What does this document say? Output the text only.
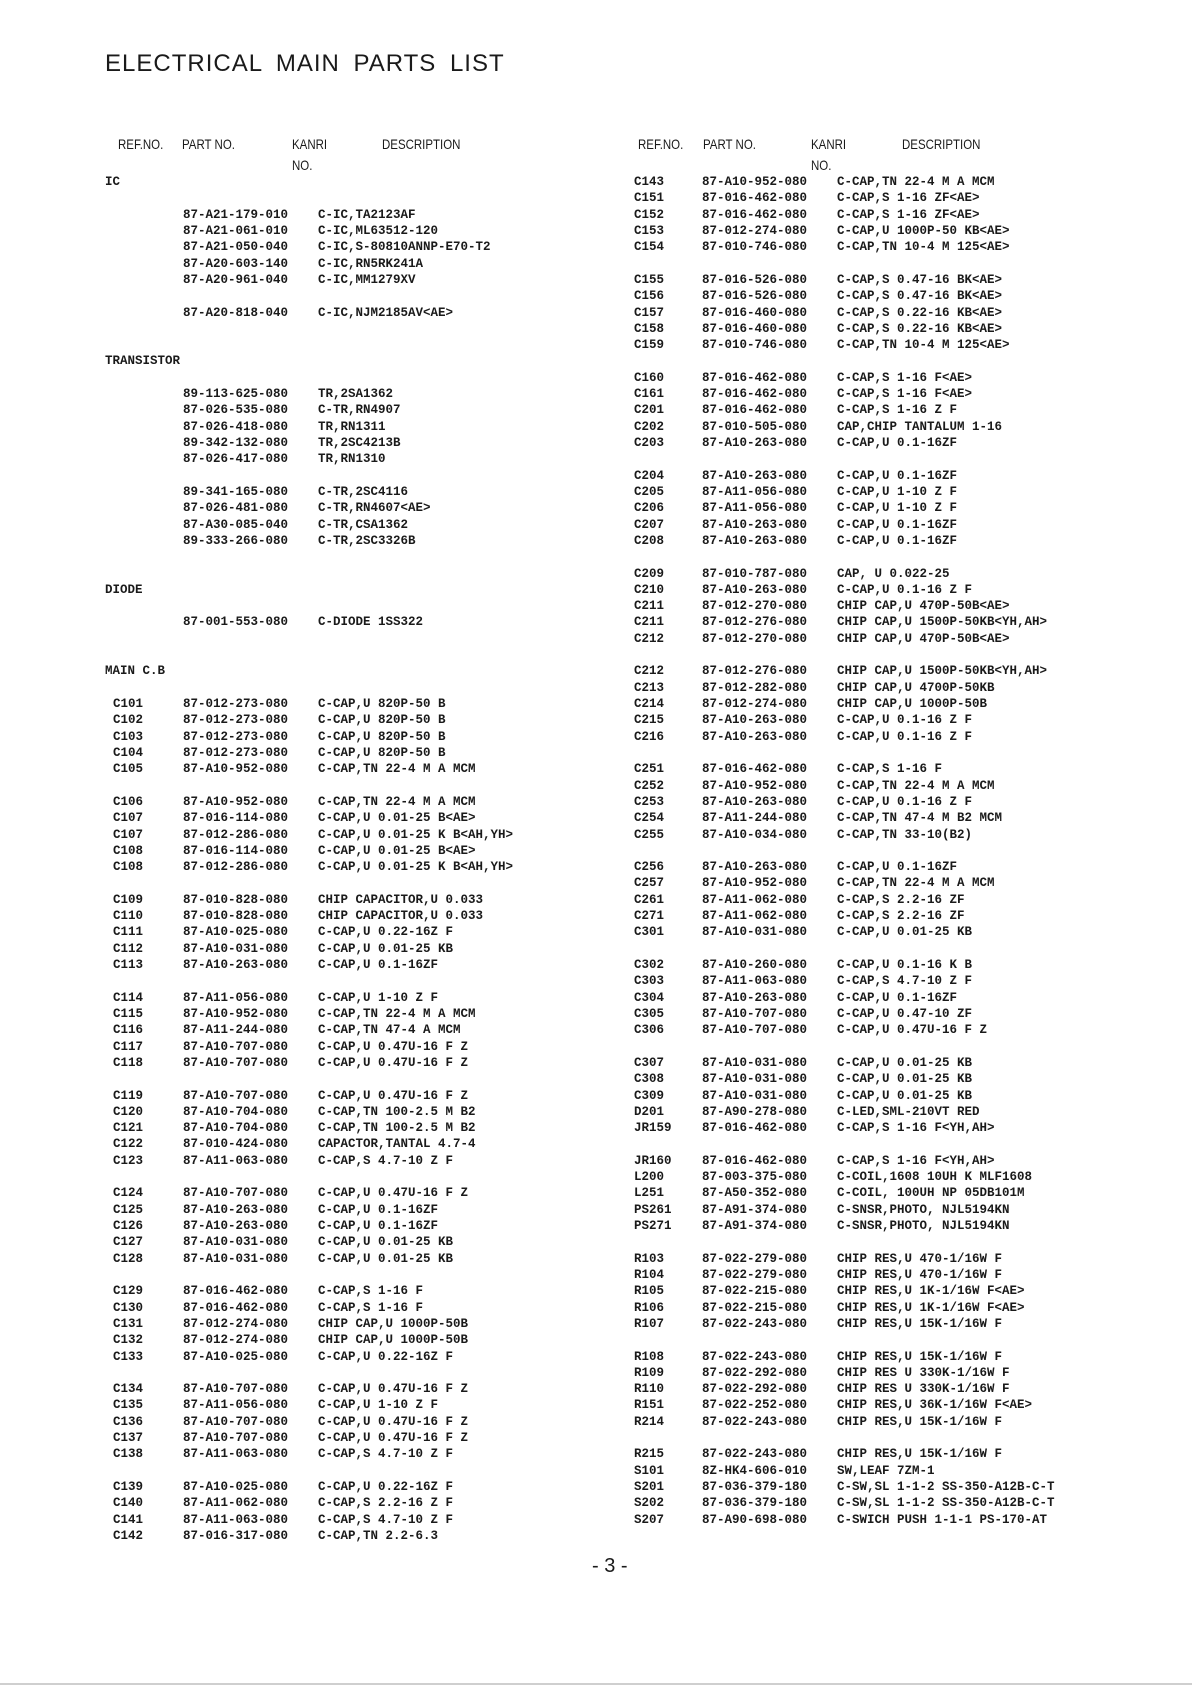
ELECTRICAL MAIN PARTS LIST
REF.NO. PART NO.	KANRI
NO.
DESCRIPTION	REF.NO. PART NO.	KANRI
NO.
DESCRIPTION
IC
87-A21-179-010 C-IC,TA2123AF
87-A21-061-010 C-IC,ML63512-120
87-A21-050-040 C-IC,S-80810ANNP-E70-T2
87-A20-603-140 C-IC,RN5RK241A
87-A20-961-040 C-IC,MM1279XV
87-A20-818-040 C-IC,NJM2185AV<AE>
TRANSISTOR
89-113-625-080 TR,2SA1362
87-026-535-080 C-TR,RN4907
87-026-418-080 TR,RN1311
89-342-132-080 TR,2SC4213B
87-026-417-080 TR,RN1310
89-341-165-080 C-TR,2SC4116
87-026-481-080 C-TR,RN4607<AE>
87-A30-085-040 C-TR,CSA1362
89-333-266-080 C-TR,2SC3326B
DIODE
87-001-553-080 C-DIODE 1SS322
MAIN C.B
C101	87-012-273-080 C-CAP,U 820P-50 B
C102	87-012-273-080 C-CAP,U 820P-50 B
C103	87-012-273-080 C-CAP,U 820P-50 B
C104	87-012-273-080 C-CAP,U 820P-50 B
C105	87-A10-952-080 C-CAP,TN 22-4 M A MCM
C106	87-A10-952-080 C-CAP,TN 22-4 M A MCM
C107	87-016-114-080 C-CAP,U 0.01-25 B<AE>
C107	87-012-286-080 C-CAP,U 0.01-25 K B<AH,YH>
C108	87-016-114-080 C-CAP,U 0.01-25 B<AE>
C108	87-012-286-080 C-CAP,U 0.01-25 K B<AH,YH>
C109	87-010-828-080 CHIP CAPACITOR,U 0.033
C110	87-010-828-080 CHIP CAPACITOR,U 0.033
C111	87-A10-025-080 C-CAP,U 0.22-16Z F
C112	87-A10-031-080 C-CAP,U 0.01-25 KB
C113	87-A10-263-080 C-CAP,U 0.1-16ZF
C114	87-A11-056-080 C-CAP,U 1-10 Z F
C115	87-A10-952-080 C-CAP,TN 22-4 M A MCM
C116	87-A11-244-080 C-CAP,TN 47-4 A MCM
C117	87-A10-707-080 C-CAP,U 0.47U-16 F Z
C118	87-A10-707-080 C-CAP,U 0.47U-16 F Z
C119	87-A10-707-080 C-CAP,U 0.47U-16 F Z
C120	87-A10-704-080 C-CAP,TN 100-2.5 M B2
C121	87-A10-704-080 C-CAP,TN 100-2.5 M B2
C122	87-010-424-080 CAPACTOR,TANTAL 4.7-4
C123	87-A11-063-080 C-CAP,S 4.7-10 Z F
C124	87-A10-707-080 C-CAP,U 0.47U-16 F Z
C125	87-A10-263-080 C-CAP,U 0.1-16ZF
C126	87-A10-263-080 C-CAP,U 0.1-16ZF
C127	87-A10-031-080 C-CAP,U 0.01-25 KB
C128	87-A10-031-080 C-CAP,U 0.01-25 KB
C129	87-016-462-080 C-CAP,S 1-16 F
C130	87-016-462-080 C-CAP,S 1-16 F
C131	87-012-274-080 CHIP CAP,U 1000P-50B
C132	87-012-274-080 CHIP CAP,U 1000P-50B
C133	87-A10-025-080 C-CAP,U 0.22-16Z F
C134	87-A10-707-080 C-CAP,U 0.47U-16 F Z
C135	87-A11-056-080 C-CAP,U 1-10 Z F
C136	87-A10-707-080 C-CAP,U 0.47U-16 F Z
C137	87-A10-707-080 C-CAP,U 0.47U-16 F Z
C138	87-A11-063-080 C-CAP,S 4.7-10 Z F
C139	87-A10-025-080 C-CAP,U 0.22-16Z F
C140	87-A11-062-080 C-CAP,S 2.2-16 Z F
C141	87-A11-063-080 C-CAP,S 4.7-10 Z F
C142	87-016-317-080 C-CAP,TN 2.2-6.3
C143	87-A10-952-080 C-CAP,TN 22-4 M A MCM
C151	87-016-462-080 C-CAP,S 1-16 ZF<AE>
C152	87-016-462-080 C-CAP,S 1-16 ZF<AE>
C153	87-012-274-080 C-CAP,U 1000P-50 KB<AE>
C154	87-010-746-080 C-CAP,TN 10-4 M 125<AE>
C155	87-016-526-080 C-CAP,S 0.47-16 BK<AE>
C156	87-016-526-080 C-CAP,S 0.47-16 BK<AE>
C157	87-016-460-080 C-CAP,S 0.22-16 KB<AE>
C158	87-016-460-080 C-CAP,S 0.22-16 KB<AE>
C159	87-010-746-080 C-CAP,TN 10-4 M 125<AE>
C160	87-016-462-080 C-CAP,S 1-16 F<AE>
C161	87-016-462-080 C-CAP,S 1-16 F<AE>
C201	87-016-462-080 C-CAP,S 1-16 Z F
C202	87-010-505-080 CAP,CHIP TANTALUM 1-16
C203	87-A10-263-080 C-CAP,U 0.1-16ZF
C204	87-A10-263-080 C-CAP,U 0.1-16ZF
C205	87-A11-056-080 C-CAP,U 1-10 Z F
C206	87-A11-056-080 C-CAP,U 1-10 Z F
C207	87-A10-263-080 C-CAP,U 0.1-16ZF
C208	87-A10-263-080 C-CAP,U 0.1-16ZF
C209	87-010-787-080 CAP, U 0.022-25
C210	87-A10-263-080 C-CAP,U 0.1-16 Z F
C211	87-012-270-080 CHIP CAP,U 470P-50B<AE>
C211	87-012-276-080 CHIP CAP,U 1500P-50KB<YH,AH>
C212	87-012-270-080 CHIP CAP,U 470P-50B<AE>
C212	87-012-276-080 CHIP CAP,U 1500P-50KB<YH,AH>
C213	87-012-282-080 CHIP CAP,U 4700P-50KB
C214	87-012-274-080 CHIP CAP,U 1000P-50B
C215	87-A10-263-080 C-CAP,U 0.1-16 Z F
C216	87-A10-263-080 C-CAP,U 0.1-16 Z F
C251	87-016-462-080 C-CAP,S 1-16 F
C252	87-A10-952-080 C-CAP,TN 22-4 M A MCM
C253	87-A10-263-080 C-CAP,U 0.1-16 Z F
C254	87-A11-244-080 C-CAP,TN 47-4 M B2 MCM
C255	87-A10-034-080 C-CAP,TN 33-10(B2)
C256	87-A10-263-080 C-CAP,U 0.1-16ZF
C257	87-A10-952-080 C-CAP,TN 22-4 M A MCM
C261	87-A11-062-080 C-CAP,S 2.2-16 ZF
C271	87-A11-062-080 C-CAP,S 2.2-16 ZF
C301	87-A10-031-080 C-CAP,U 0.01-25 KB
C302	87-A10-260-080 C-CAP,U 0.1-16 K B
C303	87-A11-063-080 C-CAP,S 4.7-10 Z F
C304	87-A10-263-080 C-CAP,U 0.1-16ZF
C305	87-A10-707-080 C-CAP,U 0.47-10 ZF
C306	87-A10-707-080 C-CAP,U 0.47U-16 F Z
C307	87-A10-031-080 C-CAP,U 0.01-25 KB
C308	87-A10-031-080 C-CAP,U 0.01-25 KB
C309	87-A10-031-080 C-CAP,U 0.01-25 KB
D201	87-A90-278-080 C-LED,SML-210VT RED
JR159 87-016-462-080 C-CAP,S 1-16 F<YH,AH>
JR160 87-016-462-080 C-CAP,S 1-16 F<YH,AH>
L200	87-003-375-080 C-COIL,1608 10UH K MLF1608
L251	87-A50-352-080 C-COIL, 100UH NP 05DB101M
PS261 87-A91-374-080 C-SNSR,PHOTO, NJL5194KN
PS271 87-A91-374-080 C-SNSR,PHOTO, NJL5194KN
R103	87-022-279-080 CHIP RES,U 470-1/16W F
R104	87-022-279-080 CHIP RES,U 470-1/16W F
R105	87-022-215-080 CHIP RES,U 1K-1/16W F<AE>
R106	87-022-215-080 CHIP RES,U 1K-1/16W F<AE>
R107	87-022-243-080 CHIP RES,U 15K-1/16W F
R108	87-022-243-080 CHIP RES,U 15K-1/16W F
R109	87-022-292-080 CHIP RES U 330K-1/16W F
R110	87-022-292-080 CHIP RES U 330K-1/16W F
R151	87-022-252-080 CHIP RES,U 36K-1/16W F<AE>
R214	87-022-243-080 CHIP RES,U 15K-1/16W F
R215	87-022-243-080 CHIP RES,U 15K-1/16W F
S101	8Z-HK4-606-010 SW,LEAF 7ZM-1
S201	87-036-379-180 C-SW,SL 1-1-2 SS-350-A12B-C-T
S202	87-036-379-180 C-SW,SL 1-1-2 SS-350-A12B-C-T
S207	87-A90-698-080 C-SWICH PUSH 1-1-1 PS-170-AT
- 3 -
